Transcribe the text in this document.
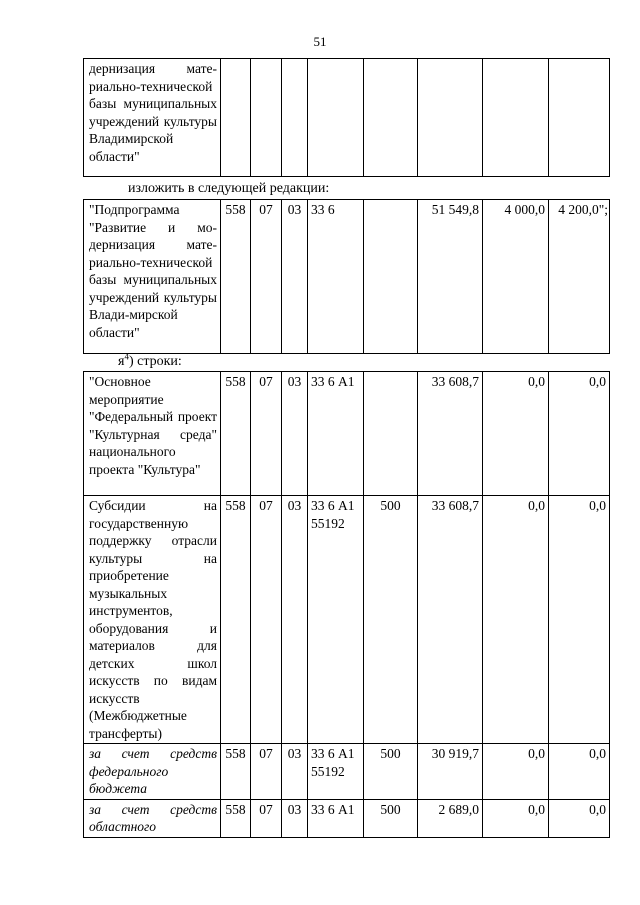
51
дернизация мате-риально-технической базы муниципальных учреждений культуры Владимирской области"								
изложить в следующей редакции:
"Подпрограмма "Развитие и мо-дернизация мате-риально-технической базы муниципальных учреждений культуры Влади-мирской области"	558	07	03	33 6		51 549,8	4 000,0	4 200,0";
$я^4$) строки:
"Основное мероприятие "Федеральный проект "Культурная среда" национального проекта "Культура"	558	07	03	33 6 А1		33 608,7	0,0	0,0
Субсидии на государственную поддержку отрасли культуры на приобретение музыкальных инструментов, оборудования и материалов для детских школ искусств по видам искусств (Межбюджетные трансферты)	558	07	03	33 6 А1 55192	500	33 608,7	0,0	0,0
за счет средств федерального бюджета	558	07	03	33 6 А1 55192	500	30 919,7	0,0	0,0
за счет средств областного	558	07	03	33 6 А1	500	2 689,0	0,0	0,0
